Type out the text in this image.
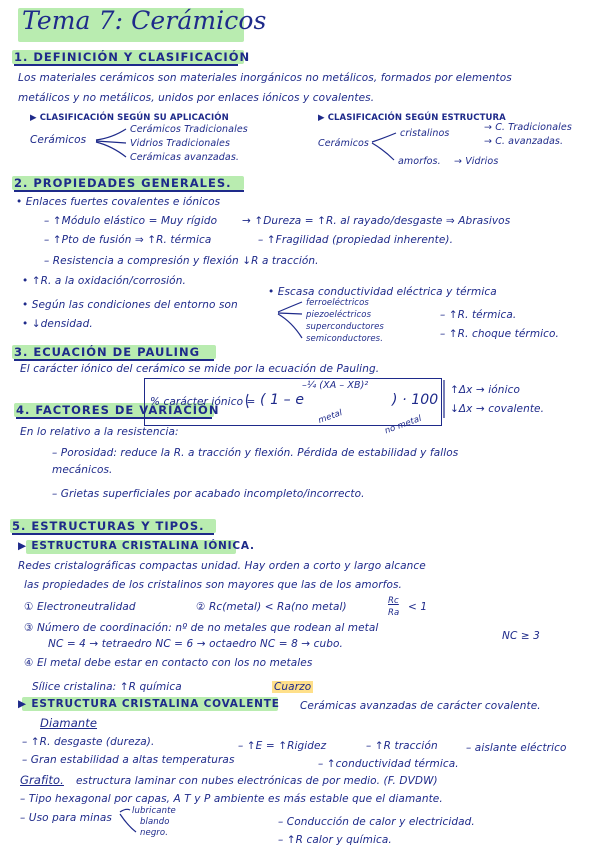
Tema 7: Cerámicos
1. DEFINICIÓN Y CLASIFICACIÓN
Los materiales cerámicos son materiales inorgánicos no metálicos, formados por elementos
metálicos y no metálicos, unidos por enlaces iónicos y covalentes.
▶ CLASIFICACIÓN SEGÚN SU APLICACIÓN
Cerámicos
Cerámicos Tradicionales
Vidrios Tradicionales
Cerámicas avanzadas.
▶ CLASIFICACIÓN SEGÚN ESTRUCTURA
Cerámicos
cristalinos
→ C. Tradicionales
→ C. avanzadas.
amorfos. → Vidrios
2. PROPIEDADES GENERALES.
• Enlaces fuertes covalentes e iónicos
– ↑Módulo elástico = Muy rígido → ↑Dureza = ↑R. al rayado/desgaste ⇒ Abrasivos
– ↑Pto de fusión ⇒ ↑R. térmica	– ↑Fragilidad (propiedad inherente).
– Resistencia a compresión y flexión ↓R a tracción.
• ↑R. a la oxidación/corrosión.
• Escasa conductividad eléctrica y térmica
• Según las condiciones del entorno son	ferroeléctricos
piezoeléctricos
superconductores
semiconductores.
– ↑R. térmica.
– ↑R. choque térmico.
• ↓densidad.
3. ECUACIÓN DE PAULING
El carácter iónico del cerámico se mide por la ecuación de Pauling.
% carácter iónico = ( 1 – e
–¼ (XA – XB)²
) · 100
metal	no metal
↑Δx → iónico
↓Δx → covalente.
4. FACTORES DE VARIACIÓN
En lo relativo a la resistencia:
– Porosidad: reduce la R. a tracción y flexión. Pérdida de estabilidad y fallos
mecánicos.
– Grietas superficiales por acabado incompleto/incorrecto.
5. ESTRUCTURAS Y TIPOS.
▶ ESTRUCTURA CRISTALINA IÓNICA.
Redes cristalográficas compactas unidad. Hay orden a corto y largo alcance
las propiedades de los cristalinos son mayores que las de los amorfos.
① Electroneutralidad	② Rc(metal) < Ra(no metal)	Rc
Ra < 1
③ Número de coordinación: nº de no metales que rodean al metal
NC ≥ 3
NC = 4 → tetraedro NC = 6 → octaedro NC = 8 → cubo.
④ El metal debe estar en contacto con los no metales
Sílice cristalina: ↑R química	Cuarzo
▶ ESTRUCTURA CRISTALINA COVALENTE Cerámicas avanzadas de carácter covalente.
Diamante
– ↑R. desgaste (dureza).	– ↑E = ↑Rigidez	– ↑R tracción	– aislante eléctrico
– Gran estabilidad a altas temperaturas	– ↑conductividad térmica.
Grafito. estructura laminar con nubes electrónicas de por medio. (F. DVDW)
– Tipo hexagonal por capas, A T y P ambiente es más estable que el diamante.
– Uso para minas
lubricante
blando
negro.
– Conducción de calor y electricidad.
– ↑R calor y química.
